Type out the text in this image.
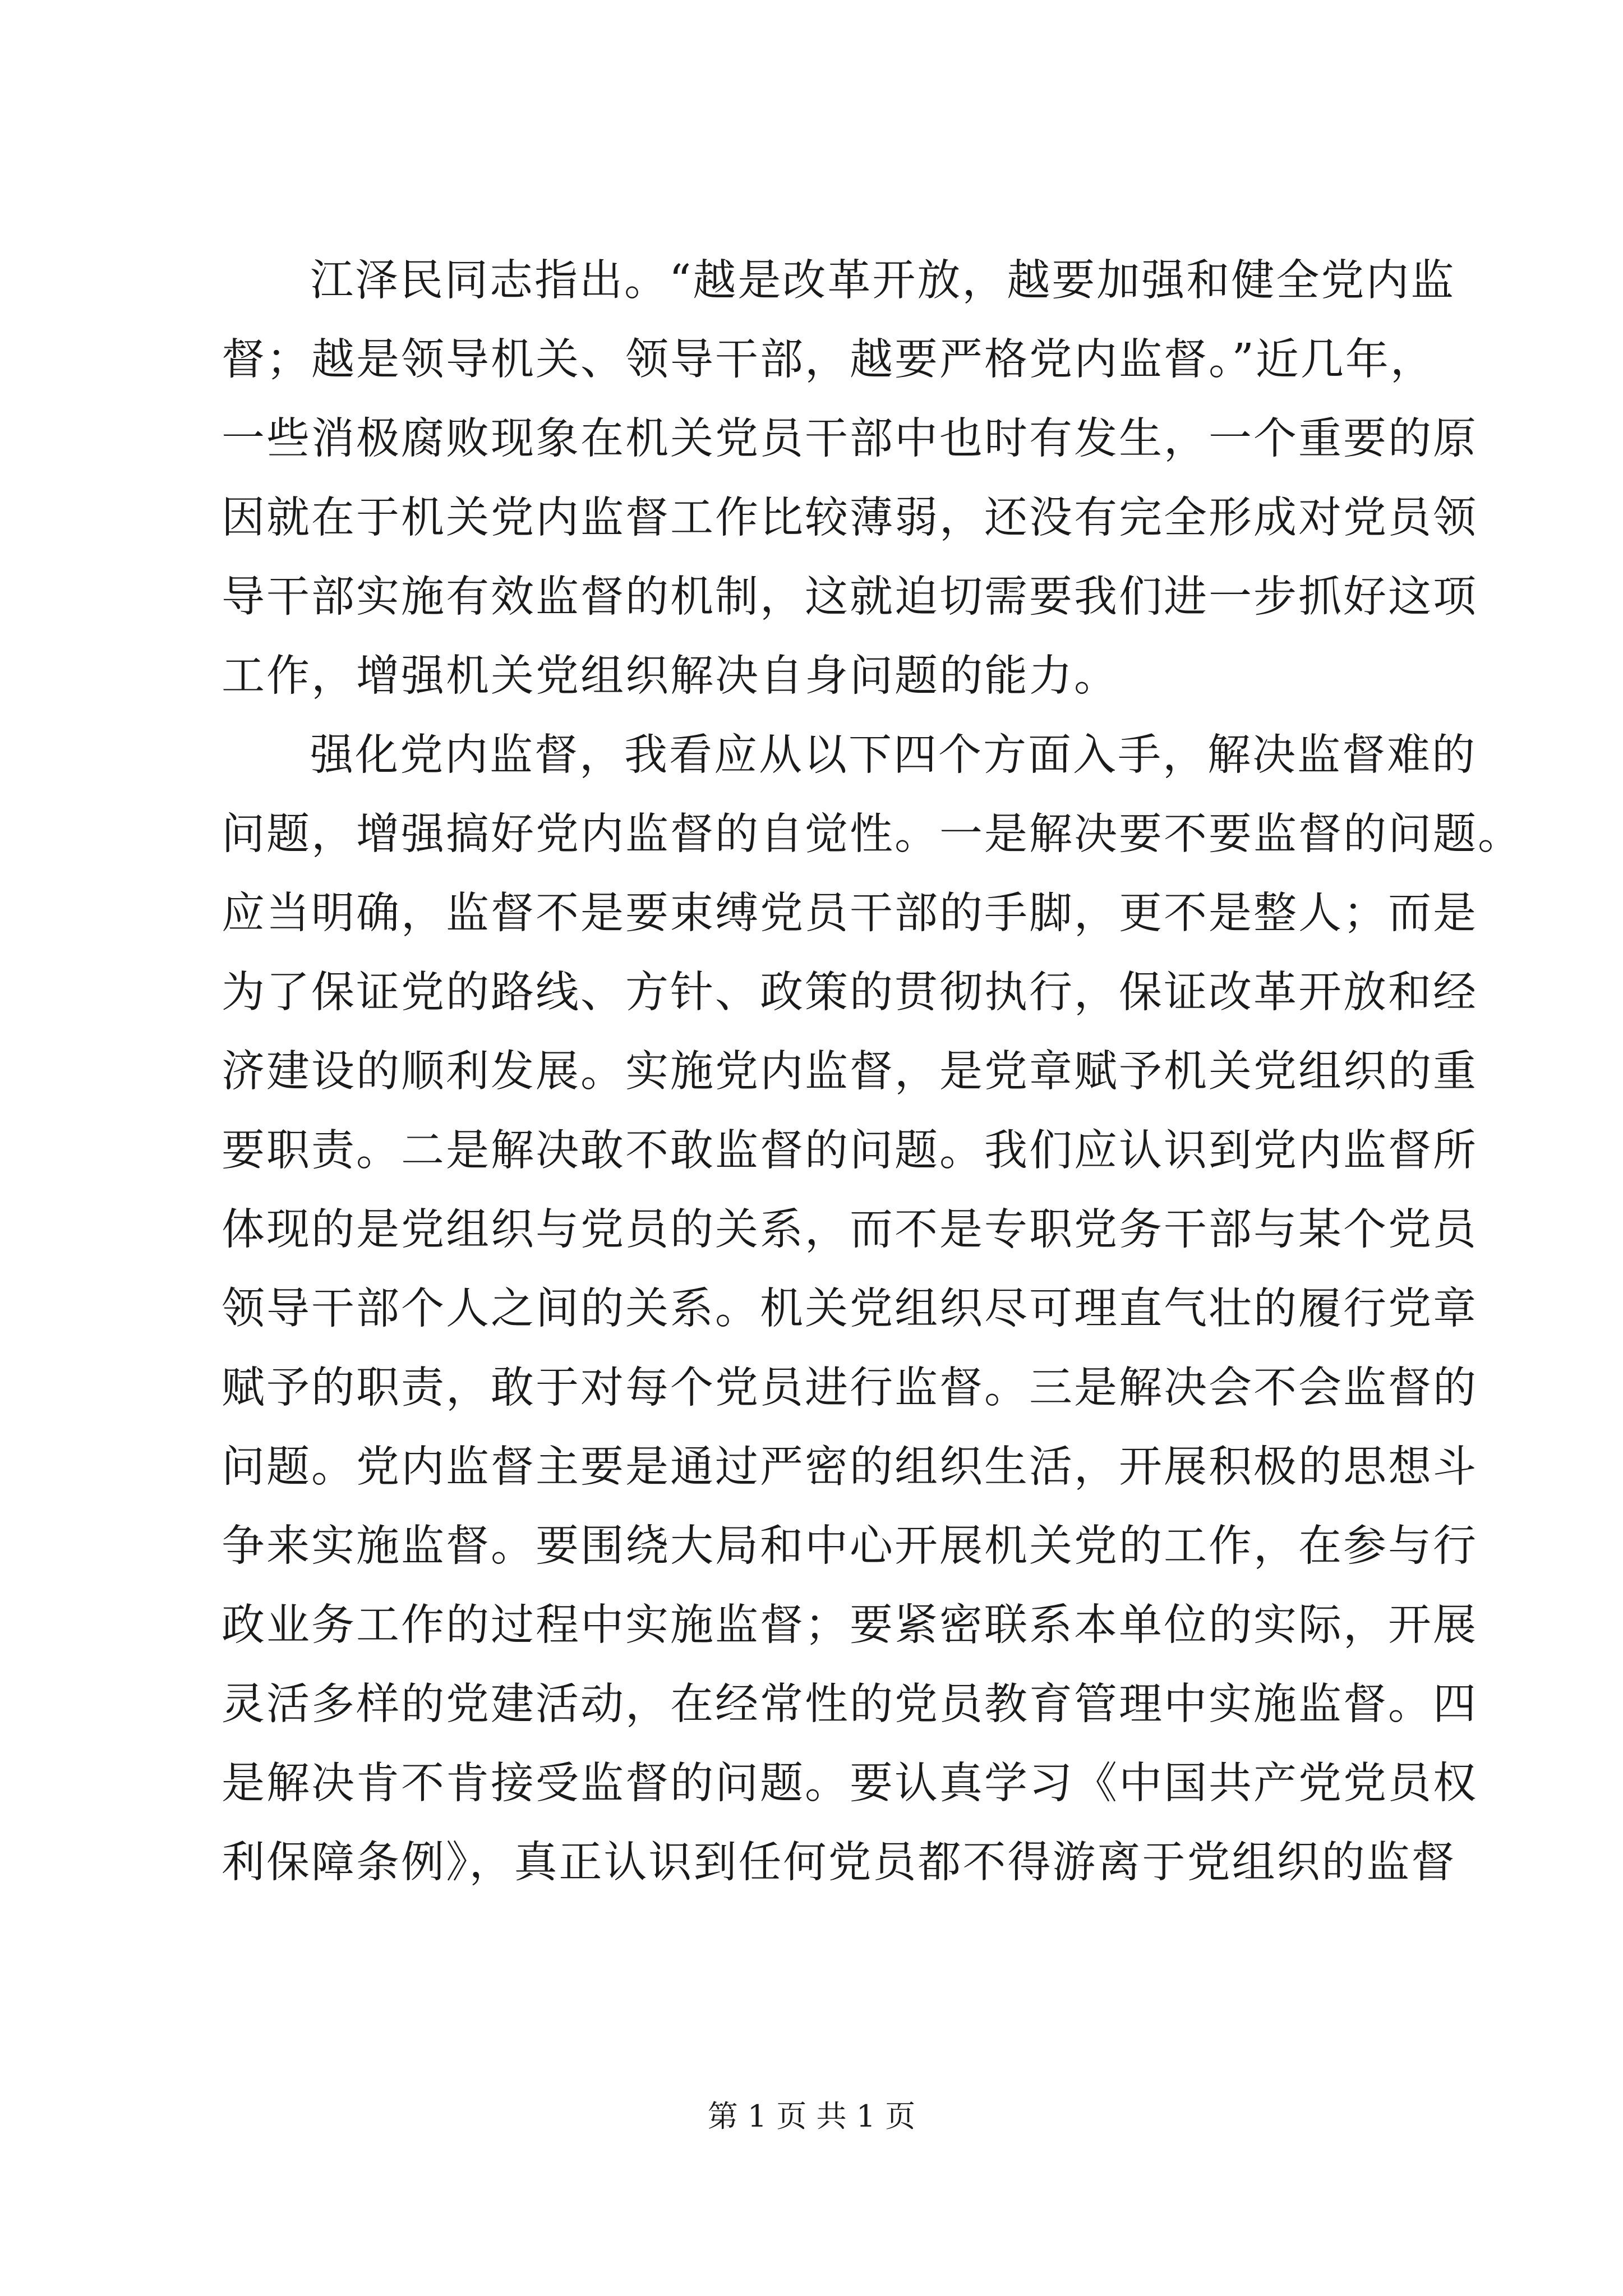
江泽民同志指出。“越是改革开放，越要加强和健全党内监
督；越是领导机关、领导干部，越要严格党内监督。”近几年，
一些消极腐败现象在机关党员干部中也时有发生，一个重要的原
因就在于机关党内监督工作比较薄弱，还没有完全形成对党员领
导干部实施有效监督的机制，这就迫切需要我们进一步抓好这项
工作，增强机关党组织解决自身问题的能力。
强化党内监督，我看应从以下四个方面入手，解决监督难的
问题，增强搞好党内监督的自觉性。一是解决要不要监督的问题。
应当明确，监督不是要束缚党员干部的手脚，更不是整人；而是
为了保证党的路线、方针、政策的贯彻执行，保证改革开放和经
济建设的顺利发展。实施党内监督，是党章赋予机关党组织的重
要职责。二是解决敢不敢监督的问题。我们应认识到党内监督所
体现的是党组织与党员的关系，而不是专职党务干部与某个党员
领导干部个人之间的关系。机关党组织尽可理直气壮的履行党章
赋予的职责，敢于对每个党员进行监督。三是解决会不会监督的
问题。党内监督主要是通过严密的组织生活，开展积极的思想斗
争来实施监督。要围绕大局和中心开展机关党的工作，在参与行
政业务工作的过程中实施监督；要紧密联系本单位的实际，开展
灵活多样的党建活动，在经常性的党员教育管理中实施监督。四
是解决肯不肯接受监督的问题。要认真学习《中国共产党党员权
利保障条例》，真正认识到任何党员都不得游离于党组织的监督
第 1 页 共 1 页
